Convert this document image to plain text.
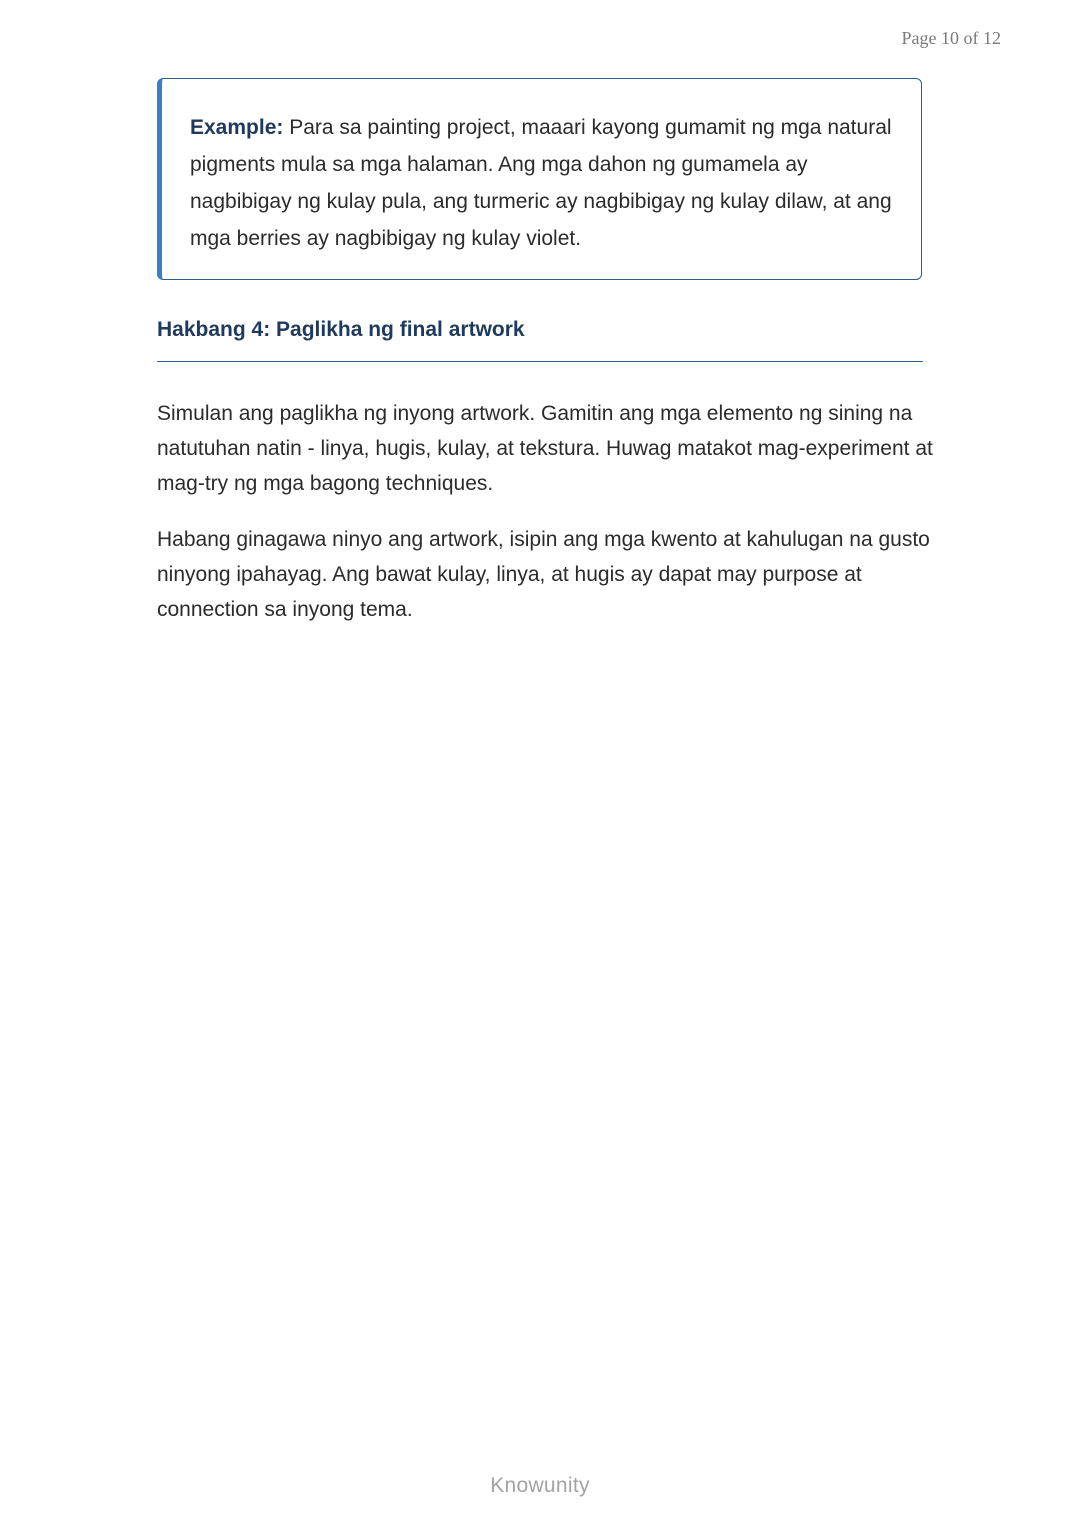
Page 10 of 12

Example: Para sa painting project, maaari kayong gumamit ng mga natural pigments mula sa mga halaman. Ang mga dahon ng gumamela ay nagbibigay ng kulay pula, ang turmeric ay nagbibigay ng kulay dilaw, at ang mga berries ay nagbibigay ng kulay violet.

Hakbang 4: Paglikha ng final artwork

Simulan ang paglikha ng inyong artwork. Gamitin ang mga elemento ng sining na natutuhan natin - linya, hugis, kulay, at tekstura. Huwag matakot mag-experiment at mag-try ng mga bagong techniques.

Habang ginagawa ninyo ang artwork, isipin ang mga kwento at kahulugan na gusto ninyong ipahayag. Ang bawat kulay, linya, at hugis ay dapat may purpose at connection sa inyong tema.

Knowunity
